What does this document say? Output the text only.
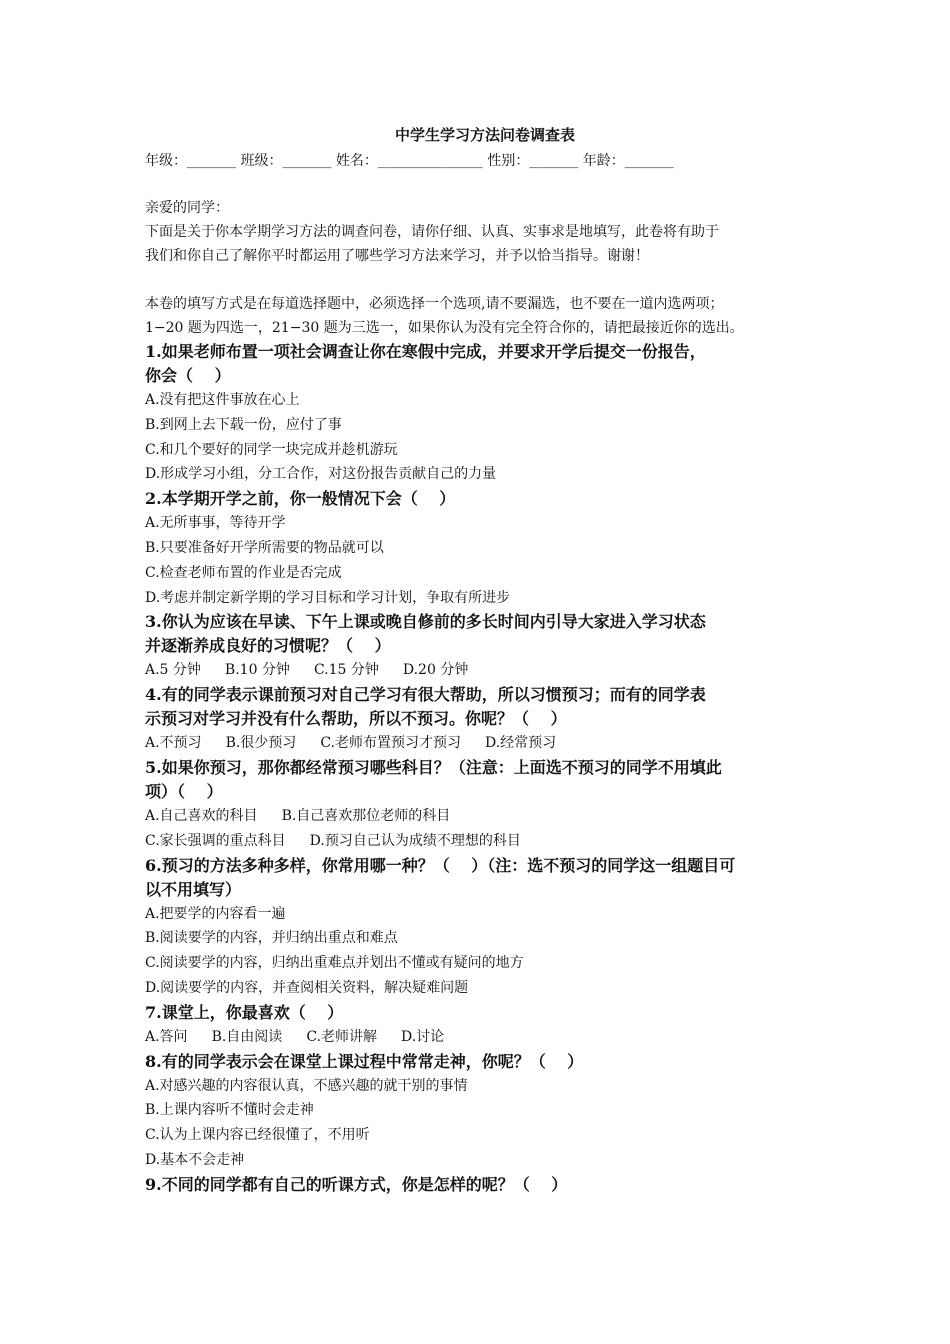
中学生学习方法问卷调查表
年级：_______ 班级：_______ 姓名：_______________ 性别：_______ 年龄：_______

亲爱的同学：

下面是关于你本学期学习方法的调查问卷，请你仔细、认真、实事求是地填写，此卷将有助于

我们和你自己了解你平时都运用了哪些学习方法来学习，并予以恰当指导。谢谢！

本卷的填写方式是在每道选择题中，必须选择一个选项,请不要漏选，也不要在一道内选两项；

1−20 题为四选一，21−30 题为三选一，如果你认为没有完全符合你的，请把最接近你的选出。

1.如果老师布置一项社会调查让你在寒假中完成，并要求开学后提交一份报告，

你会（　 ）

A.没有把这件事放在心上
B.到网上去下载一份，应付了事
C.和几个要好的同学一块完成并趁机游玩
D.形成学习小组，分工合作，对这份报告贡献自己的力量

2.本学期开学之前，你一般情况下会（　 ）

A.无所事事，等待开学
B.只要准备好开学所需要的物品就可以
C.检查老师布置的作业是否完成
D.考虑并制定新学期的学习目标和学习计划，争取有所进步

3.你认为应该在早读、下午上课或晚自修前的多长时间内引导大家进入学习状态

并逐渐养成良好的习惯呢？（　 ）

A.5 分钟 B.10 分钟 C.15 分钟 D.20 分钟

4.有的同学表示课前预习对自己学习有很大帮助，所以习惯预习；而有的同学表

示预习对学习并没有什么帮助，所以不预习。你呢？（　 ）

A.不预习 B.很少预习 C.老师布置预习才预习 D.经常预习

5.如果你预习，那你都经常预习哪些科目？（注意：上面选不预习的同学不用填此

项）（　 ）

A.自己喜欢的科目 B.自己喜欢那位老师的科目
C.家长强调的重点科目 D.预习自己认为成绩不理想的科目

6.预习的方法多种多样，你常用哪一种？（　 ）（注：选不预习的同学这一组题目可

以不用填写）

A.把要学的内容看一遍
B.阅读要学的内容，并归纳出重点和难点
C.阅读要学的内容，归纳出重难点并划出不懂或有疑问的地方
D.阅读要学的内容，并查阅相关资料，解决疑难问题

7.课堂上，你最喜欢（　 ）

A.答问 B.自由阅读 C.老师讲解 D.讨论

8.有的同学表示会在课堂上课过程中常常走神，你呢？（　 ）

A.对感兴趣的内容很认真，不感兴趣的就干别的事情
B.上课内容听不懂时会走神
C.认为上课内容已经很懂了，不用听
D.基本不会走神

9.不同的同学都有自己的听课方式，你是怎样的呢？（　 ）
